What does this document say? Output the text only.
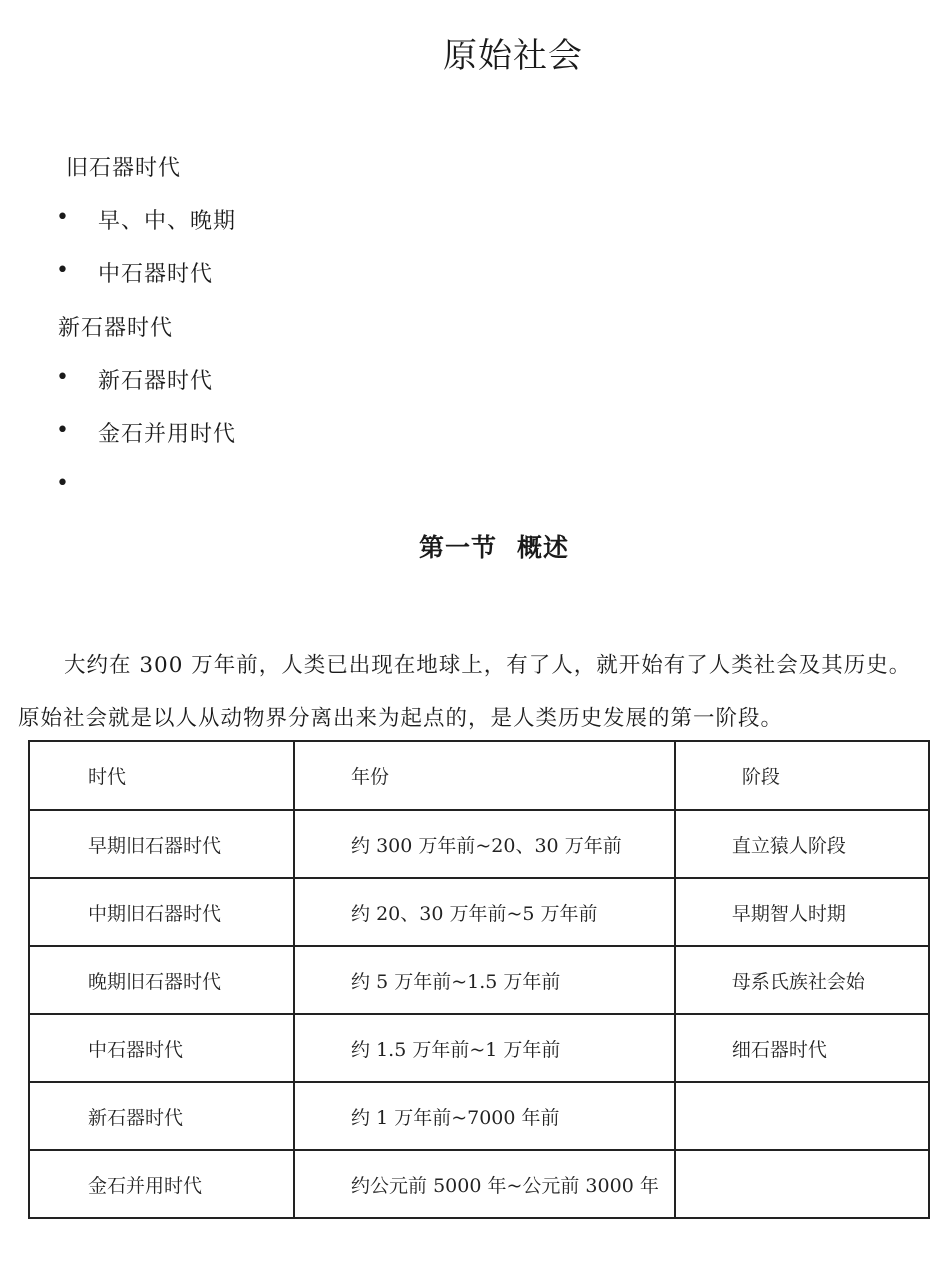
原始社会
旧石器时代
• 早、中、晚期
• 中石器时代
新石器时代
• 新石器时代
• 金石并用时代
•
第一节 概述
大约在 300 万年前，人类已出现在地球上，有了人，就开始有了人类社会及其历史。
原始社会就是以人从动物界分离出来为起点的，是人类历史发展的第一阶段。
时代	年份	阶段
早期旧石器时代	约 300 万年前~20、30 万年前	直立猿人阶段
中期旧石器时代	约 20、30 万年前~5 万年前	早期智人时期
晚期旧石器时代	约 5 万年前~1.5 万年前	母系氏族社会始
中石器时代	约 1.5 万年前~1 万年前	细石器时代
新石器时代	约 1 万年前~7000 年前	
金石并用时代	约公元前 5000 年~公元前 3000 年	
